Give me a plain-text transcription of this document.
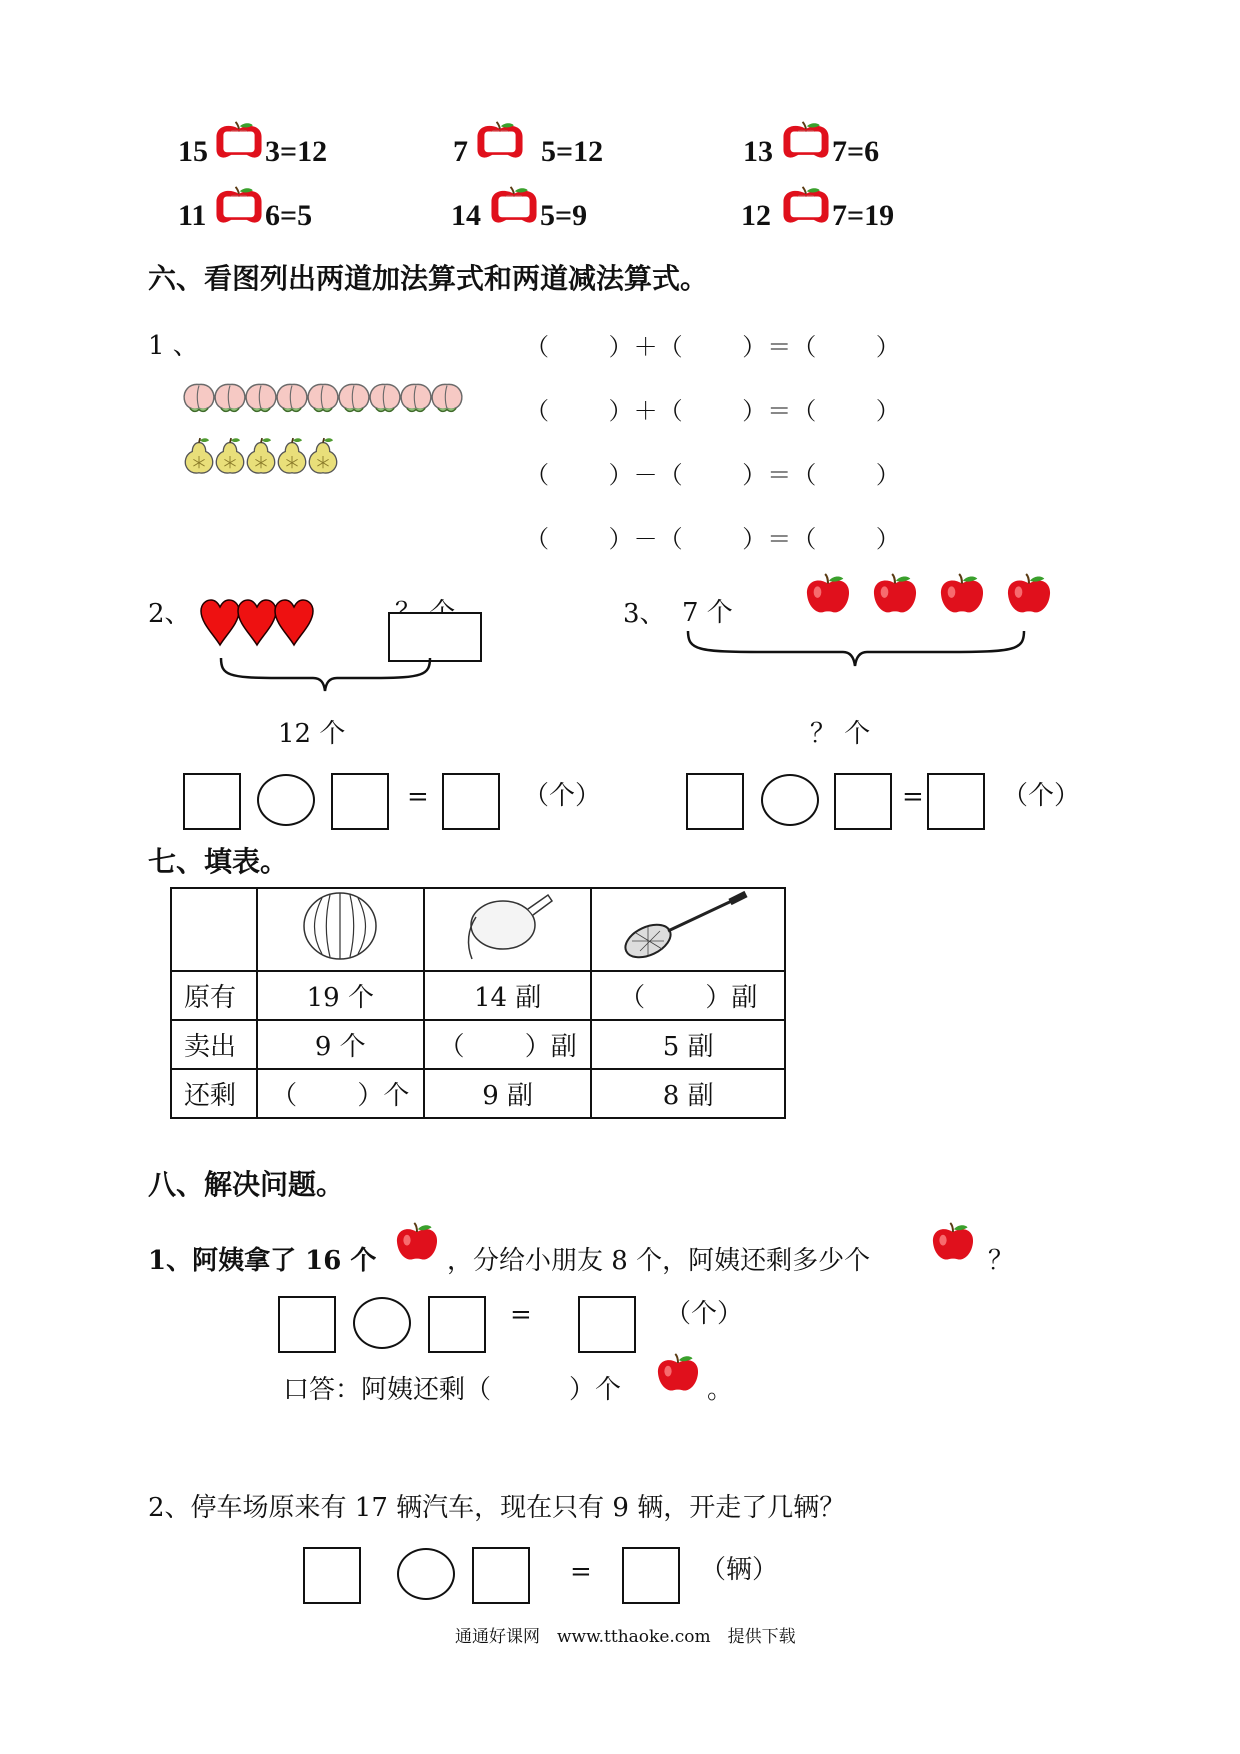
15 3=12	7 5=12	13 7=6
11 6=5	14 5=9	12 7=19
六、看图列出两道加法算式和两道减法算式。
1 、	（　　 ）＋（　　 ）＝（　　 ）
（　　 ）＋（　　 ）＝（　　 ）
（　　 ）－（　　 ）＝（　　 ）
（　　 ）－（　　 ）＝（　　 ）
2、
12 个
=	（个）
3、 7 个
？ 个
=	（个）
七、填表。

原有	19 个	14 副	（　　 ）副
卖出	9 个	（　　 ）副	5 副
还剩	（　　 ）个	9 副	8 副
八、解决问题。
1、阿姨拿了 16 个	，分给小朋友 8 个，阿姨还剩多少个	？
=	（个）
口答：阿姨还剩（　　　）个	。
2、停车场原来有 17 辆汽车，现在只有 9 辆，开走了几辆？
=	（辆）
通通好课网　www.tthaoke.com　提供下载
